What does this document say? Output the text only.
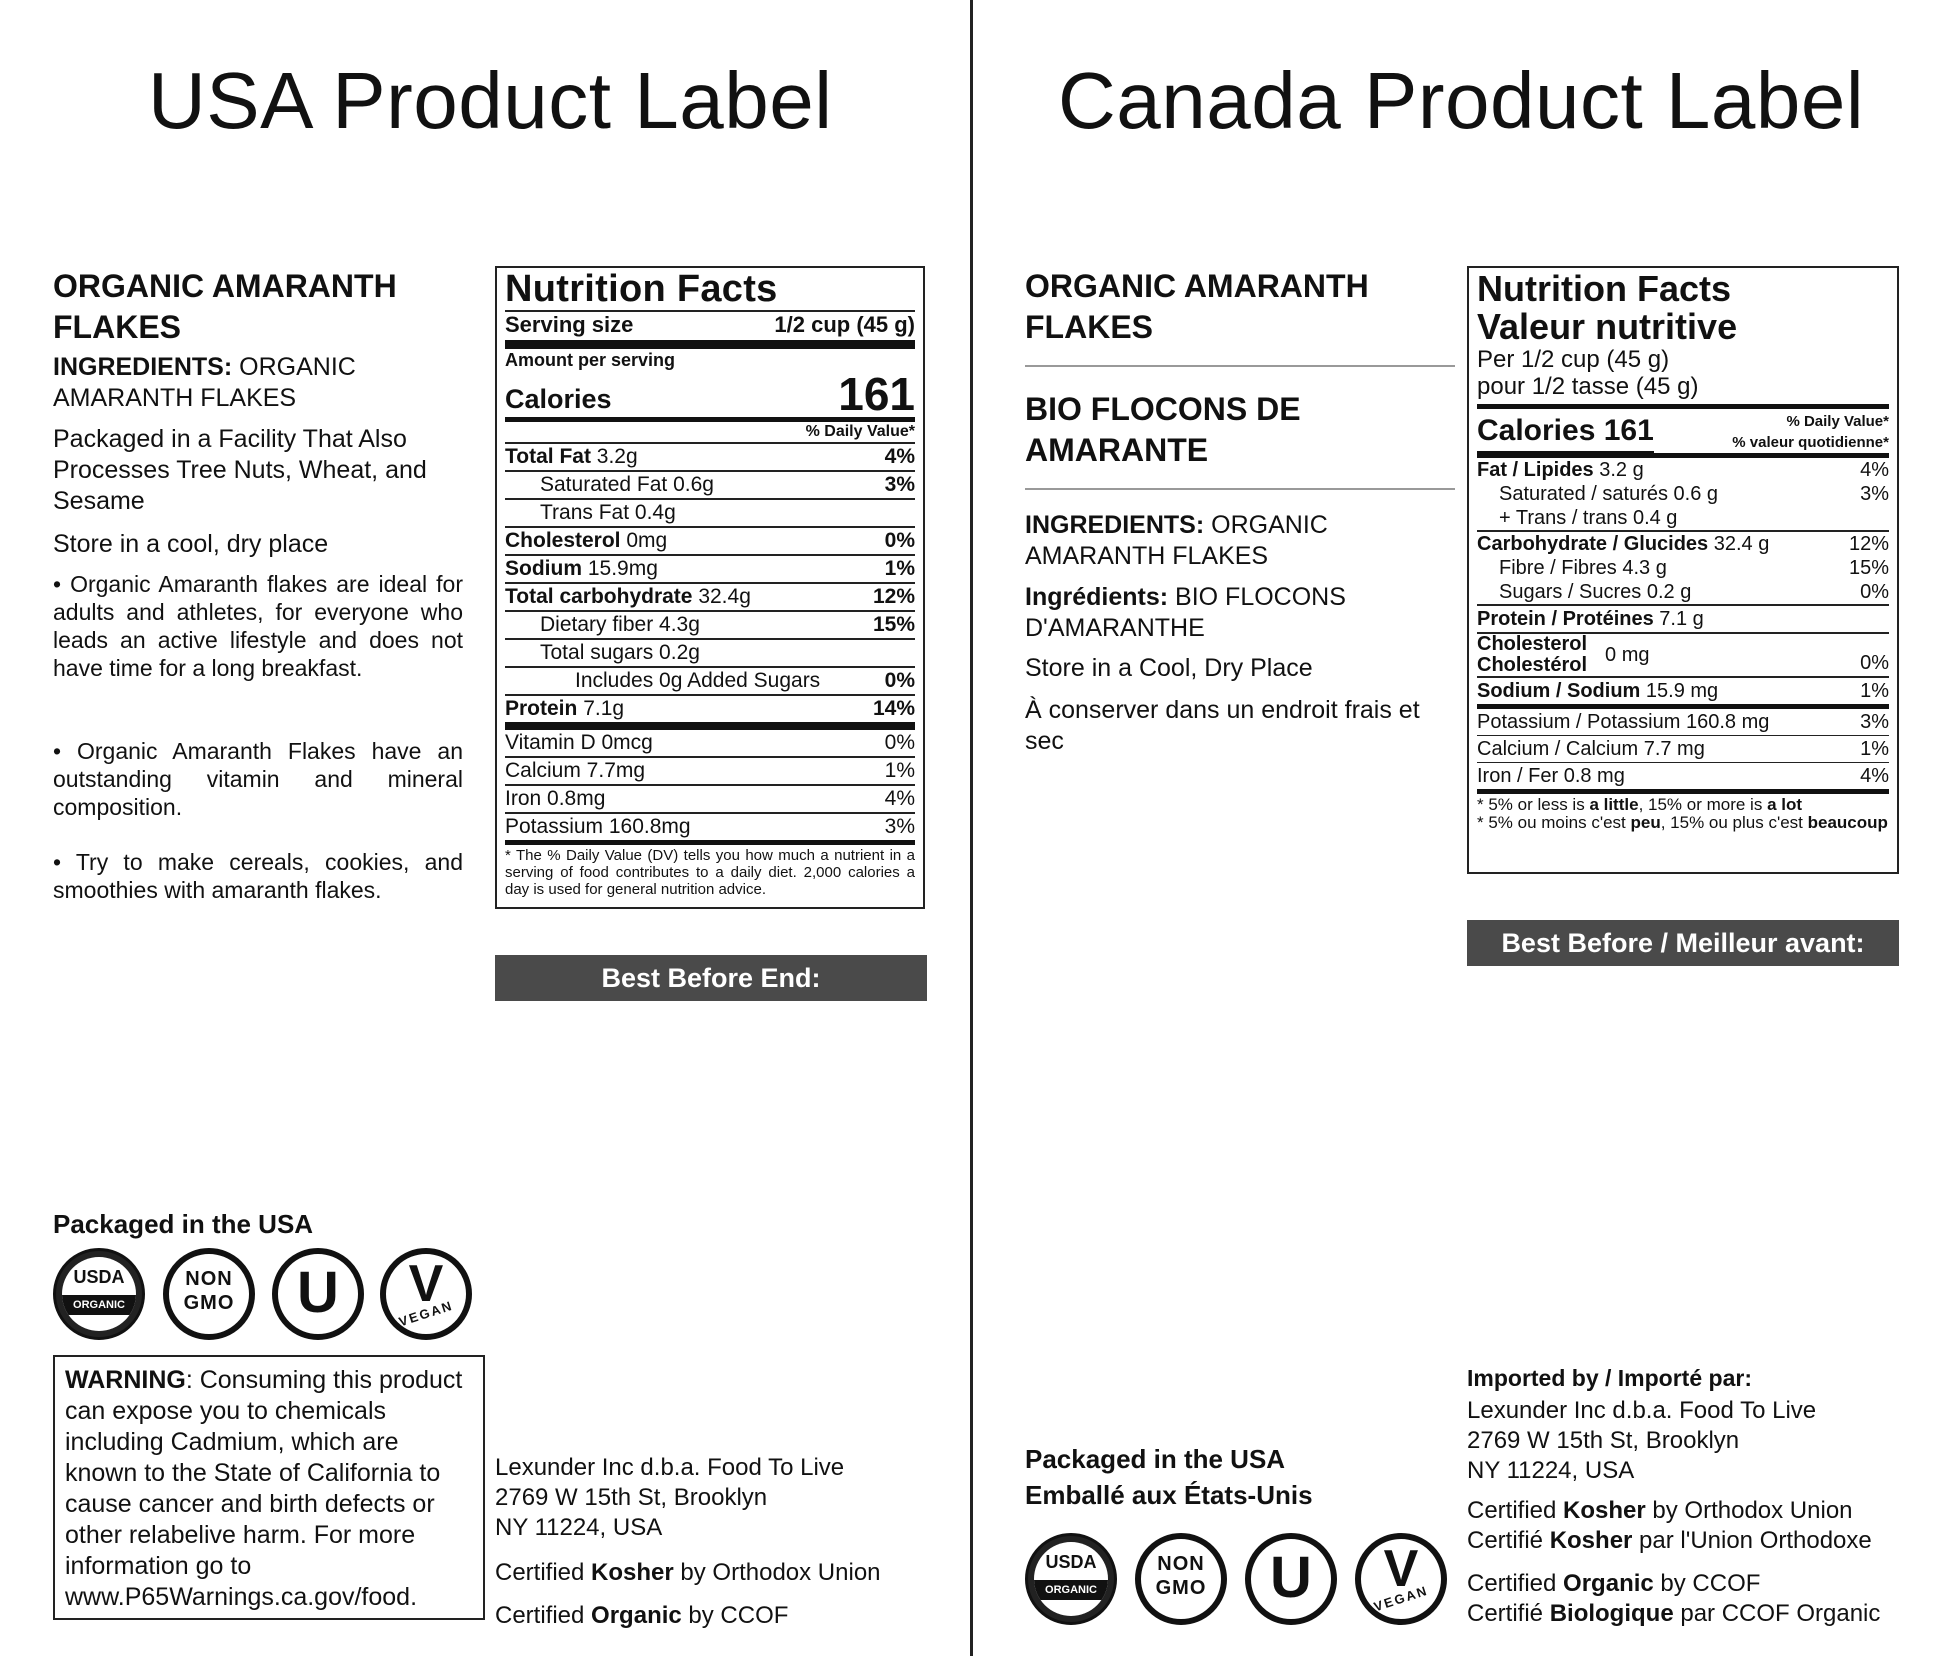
USA Product Label
ORGANIC AMARANTH
FLAKES
INGREDIENTS: ORGANIC
AMARANTH FLAKES
Packaged in a Facility That Also
Processes Tree Nuts, Wheat, and
Sesame
Store in a cool, dry place
• Organic Amaranth flakes are ideal for adults and athletes, for everyone who leads an active lifestyle and does not have time for a long breakfast.
• Organic Amaranth Flakes have an outstanding vitamin and mineral composition.
• Try to make cereals, cookies, and smoothies with amaranth flakes.
Nutrition Facts
Serving size	1/2 cup (45 g)
Amount per serving
Calories	161
% Daily Value*
Total Fat 3.2g	4%
Saturated Fat 0.6g	3%
Trans Fat 0.4g
Cholesterol 0mg	0%
Sodium 15.9mg	1%
Total carbohydrate 32.4g	12%
Dietary fiber 4.3g	15%
Total sugars 0.2g
Includes 0g Added Sugars	0%
Protein 7.1g	14%
Vitamin D 0mcg	0%
Calcium 7.7mg	1%
Iron 0.8mg	4%
Potassium 160.8mg	3%
* The % Daily Value (DV) tells you how much a nutrient in a serving of food contributes to a daily diet. 2,000 calories a day is used for general nutrition advice.
Best Before End:
Packaged in the USA
USDA
ORGANIC
NON
GMO	U	V
VEGAN
WARNING: Consuming this product can expose you to chemicals including Cadmium, which are known to the State of California to cause cancer and birth defects or other relabelive harm. For more information go to www.P65Warnings.ca.gov/food.
Lexunder Inc d.b.a. Food To Live
2769 W 15th St, Brooklyn
NY 11224, USA
Certified Kosher by Orthodox Union
Certified Organic by CCOF
Canada Product Label
ORGANIC AMARANTH
FLAKES
BIO FLOCONS DE
AMARANTE
INGREDIENTS: ORGANIC
AMARANTH FLAKES
Ingrédients: BIO FLOCONS
D'AMARANTHE
Store in a Cool, Dry Place
À conserver dans un endroit frais et
sec
Nutrition Facts
Valeur nutritive
Per 1/2 cup (45 g)
pour 1/2 tasse (45 g)
Calories 161	% Daily Value*
% valeur quotidienne*
Fat / Lipides 3.2 g	4%
Saturated / saturés 0.6 g	3%
+ Trans / trans 0.4 g
Carbohydrate / Glucides 32.4 g	12%
Fibre / Fibres 4.3 g	15%
Sugars / Sucres 0.2 g	0%
Protein / Protéines 7.1 g
Cholesterol
Cholestérol 0 mg	0%
Sodium / Sodium 15.9 mg	1%
Potassium / Potassium 160.8 mg	3%
Calcium / Calcium 7.7 mg	1%
Iron / Fer 0.8 mg	4%
* 5% or less is a little, 15% or more is a lot
* 5% ou moins c'est peu, 15% ou plus c'est beaucoup
Best Before / Meilleur avant:
Imported by / Importé par:
Lexunder Inc d.b.a. Food To Live
2769 W 15th St, Brooklyn
NY 11224, USA
Certified Kosher by Orthodox Union
Certifié Kosher par l'Union Orthodoxe
Certified Organic by CCOF
Certifié Biologique par CCOF Organic
Packaged in the USA
Emballé aux États-Unis
USDA
ORGANIC
NON
GMO	U	V
VEGAN
